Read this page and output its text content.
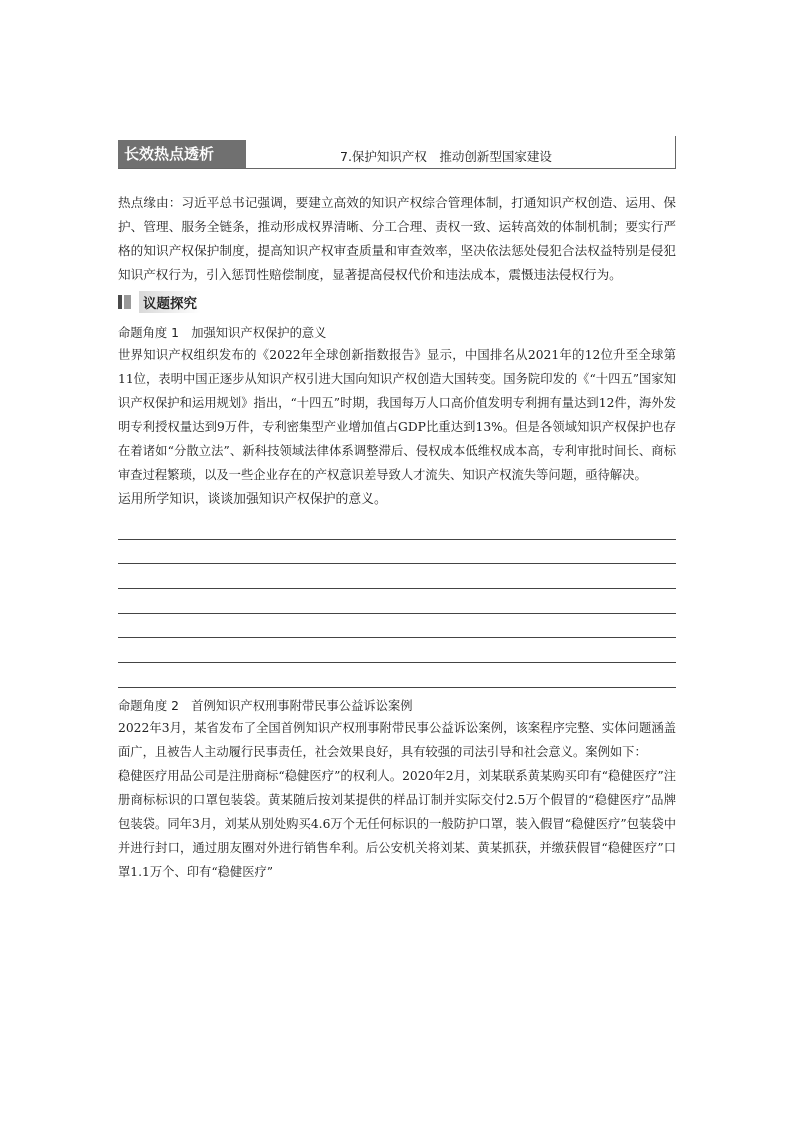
长效热点透析	7.保护知识产权　推动创新型国家建设
热点缘由：习近平总书记强调，要建立高效的知识产权综合管理体制，打通知识产权创造、运用、保护、管理、服务全链条，推动形成权界清晰、分工合理、责权一致、运转高效的体制机制；要实行严格的知识产权保护制度，提高知识产权审查质量和审查效率，坚决依法惩处侵犯合法权益特别是侵犯知识产权行为，引入惩罚性赔偿制度，显著提高侵权代价和违法成本，震慑违法侵权行为。
议题探究
命题角度 1　加强知识产权保护的意义
世界知识产权组织发布的《2022年全球创新指数报告》显示，中国排名从2021年的12位升至全球第11位，表明中国正逐步从知识产权引进大国向知识产权创造大国转变。国务院印发的《“十四五”国家知识产权保护和运用规划》指出，“十四五”时期，我国每万人口高价值发明专利拥有量达到12件，海外发明专利授权量达到9万件，专利密集型产业增加值占GDP比重达到13%。但是各领域知识产权保护也存在着诸如“分散立法”、新科技领域法律体系调整滞后、侵权成本低维权成本高，专利审批时间长、商标审查过程繁琐，以及一些企业存在的产权意识差导致人才流失、知识产权流失等问题，亟待解决。
运用所学知识，谈谈加强知识产权保护的意义。
命题角度 2　首例知识产权刑事附带民事公益诉讼案例
2022年3月，某省发布了全国首例知识产权刑事附带民事公益诉讼案例，该案程序完整、实体问题涵盖面广，且被告人主动履行民事责任，社会效果良好，具有较强的司法引导和社会意义。案例如下：
稳健医疗用品公司是注册商标“稳健医疗”的权利人。2020年2月，刘某联系黄某购买印有“稳健医疗”注册商标标识的口罩包装袋。黄某随后按刘某提供的样品订制并实际交付2.5万个假冒的“稳健医疗”品牌包装袋。同年3月，刘某从别处购买4.6万个无任何标识的一般防护口罩，装入假冒“稳健医疗”包装袋中并进行封口，通过朋友圈对外进行销售牟利。后公安机关将刘某、黄某抓获，并缴获假冒“稳健医疗”口罩1.1万个、印有“稳健医疗”
